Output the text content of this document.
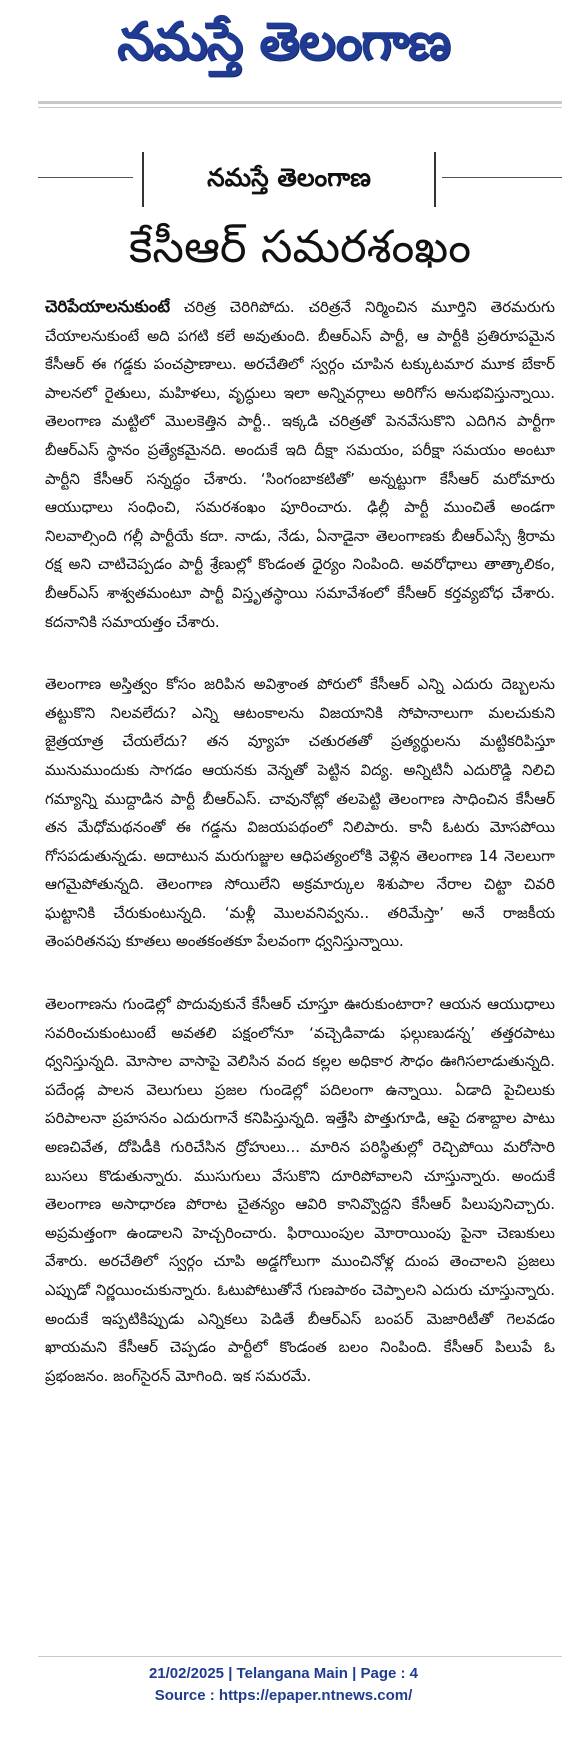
నమస్తే తెలంగాణ
నమస్తే తెలంగాణ
కేసీఆర్ సమరశంఖం

చెరిపేయాలనుకుంటే చరిత్ర చెరిగిపోదు. చరిత్రనే నిర్మించిన మూర్తిని తెరమరుగు చేయాలనుకుంటే అది పగటి కలే అవుతుంది. బీఆర్‌ఎస్ పార్టీ, ఆ పార్టీకి ప్రతిరూపమైన కేసీఆర్ ఈ గడ్డకు పంచప్రాణాలు. అరచేతిలో స్వర్గం చూపిన టక్కుటమార మూక బేకార్ పాలనలో రైతులు, మహిళలు, వృద్ధులు ఇలా అన్నివర్గాలు అరిగోస అనుభవిస్తున్నాయి. తెలంగాణ మట్టిలో మొలకెత్తిన పార్టీ.. ఇక్కడి చరిత్రతో పెనవేసుకొని ఎదిగిన పార్టీగా బీఆర్‌ఎస్ స్థానం ప్రత్యేకమైనది. అందుకే ఇది దీక్షా సమయం, పరీక్షా సమయం అంటూ పార్టీని కేసీఆర్ సన్నద్ధం చేశారు. ‘సింగంబాకటితో’ అన్నట్టుగా కేసీఆర్ మరోమారు ఆయుధాలు సంధించి, సమరశంఖం పూరించారు. ఢిల్లీ పార్టీ ముంచితే అండగా నిలవాల్సింది గల్లీ పార్టీయే కదా. నాడు, నేడు, ఏనాడైనా తెలంగాణకు బీఆర్‌ఎస్సే శ్రీరామ రక్ష అని చాటిచెప్పడం పార్టీ శ్రేణుల్లో కొండంత ధైర్యం నింపింది. అవరోధాలు తాత్కాలికం, బీఆర్‌ఎస్ శాశ్వతమంటూ పార్టీ విస్తృతస్థాయి సమావేశంలో కేసీఆర్ కర్తవ్యబోధ చేశారు. కదనానికి సమాయత్తం చేశారు.

తెలంగాణ అస్తిత్వం కోసం జరిపిన అవిశ్రాంత పోరులో కేసీఆర్ ఎన్ని ఎదురు దెబ్బలను తట్టుకొని నిలవలేదు? ఎన్ని ఆటంకాలను విజయానికి సోపానాలుగా మలచుకుని జైత్రయాత్ర చేయలేదు? తన వ్యూహ చతురతతో ప్రత్యర్థులను మట్టికరిపిస్తూ మునుముందుకు సాగడం ఆయనకు వెన్నతో పెట్టిన విద్య. అన్నిటినీ ఎదురొడ్డి నిలిచి గమ్యాన్ని ముద్దాడిన పార్టీ బీఆర్‌ఎస్. చావునోట్లో తలపెట్టి తెలంగాణ సాధించిన కేసీఆర్ తన మేధోమథనంతో ఈ గడ్డను విజయపథంలో నిలిపారు. కానీ ఓటరు మోసపోయి గోసపడుతున్నడు. అదాటున మరుగుజ్జుల ఆధిపత్యంలోకి వెళ్లిన తెలంగాణ 14 నెలలుగా ఆగమైపోతున్నది. తెలంగాణ సోయిలేని అక్రమార్కుల శిశుపాల నేరాల చిట్టా చివరి ఘట్టానికి చేరుకుంటున్నది. ‘మళ్లీ మొలవనివ్వను.. తరిమేస్తా’ అనే రాజకీయ తెంపరితనపు కూతలు అంతకంతకూ పేలవంగా ధ్వనిస్తున్నాయి.

తెలంగాణను గుండెల్లో పొదువుకునే కేసీఆర్ చూస్తూ ఊరుకుంటారా? ఆయన ఆయుధాలు సవరించుకుంటుంటే అవతలి పక్షంలోనూ ‘వచ్చెడివాడు ఫల్గుణుడన్న’ తత్తరపాటు ధ్వనిస్తున్నది. మోసాల వాసాపై వెలిసిన వంద కల్లల అధికార సౌధం ఊగిసలాడుతున్నది. పదేండ్ల పాలన వెలుగులు ప్రజల గుండెల్లో పదిలంగా ఉన్నాయి. ఏడాది పైచిలుకు పరిపాలనా ప్రహసనం ఎదురుగానే కనిపిస్తున్నది. ఇత్తేసి పొత్తుగూడి, ఆపై దశాబ్దాల పాటు అణచివేత, దోపిడీకి గురిచేసిన ద్రోహులు... మారిన పరిస్థితుల్లో రెచ్చిపోయి మరోసారి బుసలు కొడుతున్నారు. ముసుగులు వేసుకొని దూరిపోవాలని చూస్తున్నారు. అందుకే తెలంగాణ అసాధారణ పోరాట చైతన్యం ఆవిరి కానివ్వొద్దని కేసీఆర్ పిలుపునిచ్చారు. అప్రమత్తంగా ఉండాలని హెచ్చరించారు. ఫిరాయింపుల మోరాయింపు పైనా చెణుకులు వేశారు. అరచేతిలో స్వర్గం చూపి అడ్డగోలుగా ముంచినోళ్ల దుంప తెంచాలని ప్రజలు ఎప్పుడో నిర్ణయించుకున్నారు. ఓటుపోటుతోనే గుణపాఠం చెప్పాలని ఎదురు చూస్తున్నారు. అందుకే ఇప్పటికిప్పుడు ఎన్నికలు పెడితే బీఆర్‌ఎస్ బంపర్ మెజారిటీతో గెలవడం ఖాయమని కేసీఆర్ చెప్పడం పార్టీలో కొండంత బలం నింపింది. కేసీఆర్ పిలుపే ఓ ప్రభంజనం. జంగ్‌సైరన్ మోగింది. ఇక సమరమే.

21/02/2025 | Telangana Main | Page : 4
Source : https://epaper.ntnews.com/
